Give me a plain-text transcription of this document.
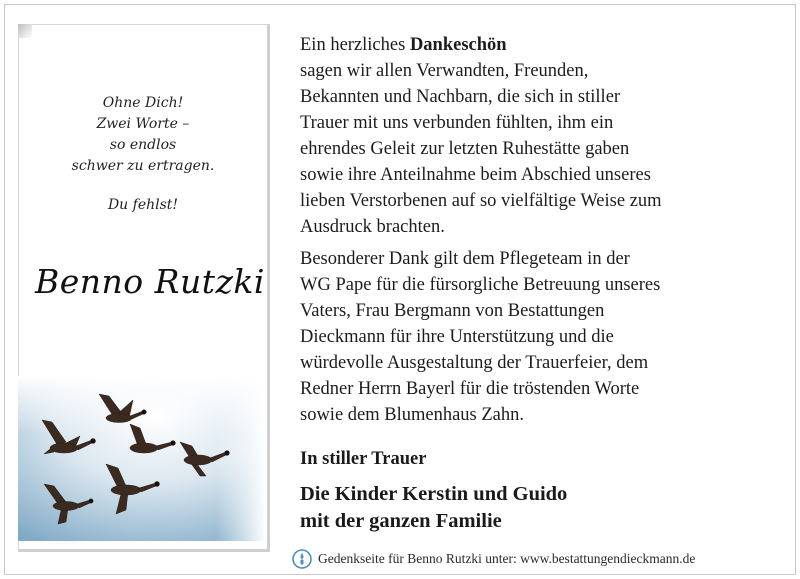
Ohne Dich!
Zwei Worte –
so endlos
schwer zu ertragen.
Du fehlst!
Benno Rutzki
Ein herzliches Dankeschön
sagen wir allen Verwandten, Freunden,
Bekannten und Nachbarn, die sich in stiller
Trauer mit uns verbunden fühlten, ihm ein
ehrendes Geleit zur letzten Ruhestätte gaben
sowie ihre Anteilnahme beim Abschied unseres
lieben Verstorbenen auf so vielfältige Weise zum
Ausdruck brachten.
Besonderer Dank gilt dem Pflegeteam in der
WG Pape für die fürsorgliche Betreuung unseres
Vaters, Frau Bergmann von Bestattungen
Dieckmann für ihre Unterstützung und die
würdevolle Ausgestaltung der Trauerfeier, dem
Redner Herrn Bayerl für die tröstenden Worte
sowie dem Blumenhaus Zahn.
In stiller Trauer
Die Kinder Kerstin und Guido
mit der ganzen Familie
Gedenkseite für Benno Rutzki unter: www.bestattungendieckmann.de
